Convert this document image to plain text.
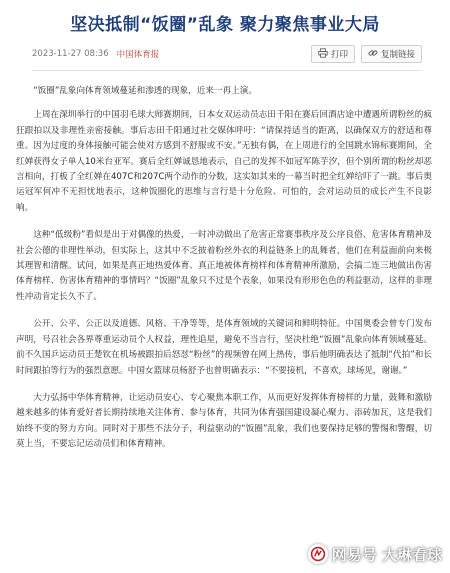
坚决抵制“饭圈”乱象 聚力聚焦事业大局
2023-11-27 08:36 中国体育报	打印	复制链接

“饭圈”乱象向体育领域蔓延和渗透的现象，近来一再上演。

上周在深圳举行的中国羽毛球大师赛期间，日本女双运动员志田千阳在赛后回酒店途中遭遇所谓粉丝的疯狂跟拍以及非理性亲密接触。事后志田千阳通过社交媒体呼吁：“请保持适当的距离，以确保双方的舒适和尊重。因为过度的身体接触可能会使对方感到不舒服或不安。”无独有偶，在上周进行的全国跳水锦标赛期间，全红婵获得女子单人10米台亚军。赛后全红婵诚恳地表示，自己的发挥不如冠军陈芋汐，但个别所谓的粉丝却恶言相向，打板了全红婵在407C和207C两个动作的分数，这实如其来的一幕当时把全红婵给吓了一跳。事后奥运冠军何冲不无担忧地表示，这种饭圈化的思维与言行是十分危险、可怕的，会对运动员的成长产生不良影响。

这种“低级粉”看似是出于对偶像的热爱，一时冲动做出了危害正常赛事秩序及公序良俗、危害体育精神及社会公德的非理性举动，但实际上，这其中不乏披着粉丝外衣的利益链条上的乱舞者，他们在利益面前向来极其理智和清醒。试问，如果是真正地热爱体育、真正地被体育榜样和体育精神所激励，会搞二连三地做出伤害体育榜样、伤害体育精神的事情吗？“饭圈”乱象只不过是个表象，如果没有形形色色的利益驱动，这样的非理性冲动肯定长久不了。

公开、公平、公正以及道德、风格、干净等等，是体育领域的关键词和鲜明特征。中国奥委会曾专门发布声明，号召社会各界尊重运动员个人权益，理性追星，避免不当言行，坚决杜绝“饭圈”乱象向体育领域蔓延。前不久国乒运动员王楚钦在机场被跟拍后怒怼“粉丝”的视频曾在网上热传，事后他明确表达了抵制“代拍”和长时间跟拍等行为的强烈意愿。中国女篮球员杨舒予也曾明确表示：“不要接机，不喜欢，球场见，谢谢。”

大力弘扬中华体育精神，让运动员安心、专心聚焦本职工作，从而更好发挥体育榜样的力量，鼓舞和激励越来越多的体育爱好者长期持续地关注体育、参与体育，共同为体育强国建设凝心聚力、添砖加瓦，这是我们始终不变的努力方向。同时对于那些不法分子，利益驱动的“饭圈”乱象，我们也要保持足够的警惕和警醒，切莫上当，不要忘记运动员们和体育精神。

网易号 大琳看球
